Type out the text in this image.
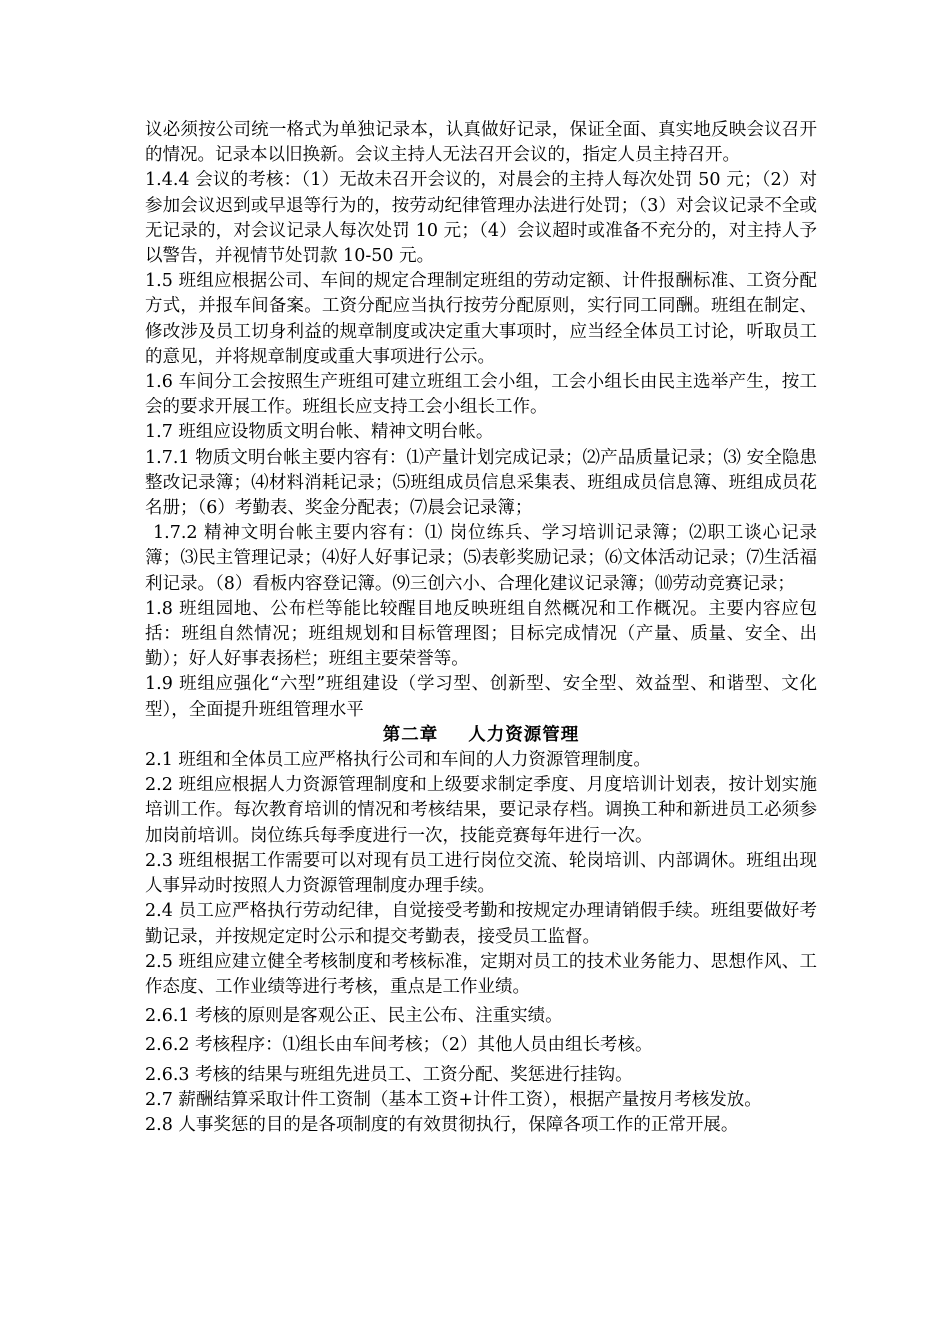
议必须按公司统一格式为单独记录本，认真做好记录，保证全面、真实地反映会议召开的情况。记录本以旧换新。会议主持人无法召开会议的，指定人员主持召开。

1.4.4 会议的考核：（1）无故未召开会议的，对晨会的主持人每次处罚 50 元；（2）对参加会议迟到或早退等行为的，按劳动纪律管理办法进行处罚；（3）对会议记录不全或无记录的，对会议记录人每次处罚 10 元；（4）会议超时或准备不充分的，对主持人予以警告，并视情节处罚款 10-50 元。

1.5 班组应根据公司、车间的规定合理制定班组的劳动定额、计件报酬标准、工资分配方式，并报车间备案。工资分配应当执行按劳分配原则，实行同工同酬。班组在制定、修改涉及员工切身利益的规章制度或决定重大事项时，应当经全体员工讨论，听取员工的意见，并将规章制度或重大事项进行公示。

1.6 车间分工会按照生产班组可建立班组工会小组，工会小组长由民主选举产生，按工会的要求开展工作。班组长应支持工会小组长工作。

1.7 班组应设物质文明台帐、精神文明台帐。

1.7.1 物质文明台帐主要内容有：⑴产量计划完成记录；⑵产品质量记录；⑶ 安全隐患整改记录簿；⑷材料消耗记录；⑸班组成员信息采集表、班组成员信息簿、班组成员花名册；（6）考勤表、奖金分配表；⑺晨会记录簿；

1.7.2 精神文明台帐主要内容有：⑴ 岗位练兵、学习培训记录簿；⑵职工谈心记录簿；⑶民主管理记录；⑷好人好事记录；⑸表彰奖励记录；⑹文体活动记录；⑺生活福利记录。（8）看板内容登记簿。⑼三创六小、合理化建议记录簿；⑽劳动竞赛记录；

1.8 班组园地、公布栏等能比较醒目地反映班组自然概况和工作概况。主要内容应包括：班组自然情况；班组规划和目标管理图；目标完成情况（产量、质量、安全、出勤）；好人好事表扬栏；班组主要荣誉等。

1.9 班组应强化“六型”班组建设（学习型、创新型、安全型、效益型、和谐型、文化型），全面提升班组管理水平

第二章 人力资源管理

2.1 班组和全体员工应严格执行公司和车间的人力资源管理制度。

2.2 班组应根据人力资源管理制度和上级要求制定季度、月度培训计划表，按计划实施培训工作。每次教育培训的情况和考核结果，要记录存档。调换工种和新进员工必须参加岗前培训。岗位练兵每季度进行一次，技能竞赛每年进行一次。

2.3 班组根据工作需要可以对现有员工进行岗位交流、轮岗培训、内部调休。班组出现人事异动时按照人力资源管理制度办理手续。

2.4 员工应严格执行劳动纪律，自觉接受考勤和按规定办理请销假手续。班组要做好考勤记录，并按规定定时公示和提交考勤表，接受员工监督。

2.5 班组应建立健全考核制度和考核标准，定期对员工的技术业务能力、思想作风、工作态度、工作业绩等进行考核，重点是工作业绩。

2.6.1 考核的原则是客观公正、民主公布、注重实绩。

2.6.2 考核程序：⑴组长由车间考核；（2）其他人员由组长考核。

2.6.3 考核的结果与班组先进员工、工资分配、奖惩进行挂钩。

2.7 薪酬结算采取计件工资制（基本工资+计件工资），根据产量按月考核发放。

2.8 人事奖惩的目的是各项制度的有效贯彻执行，保障各项工作的正常开展。
